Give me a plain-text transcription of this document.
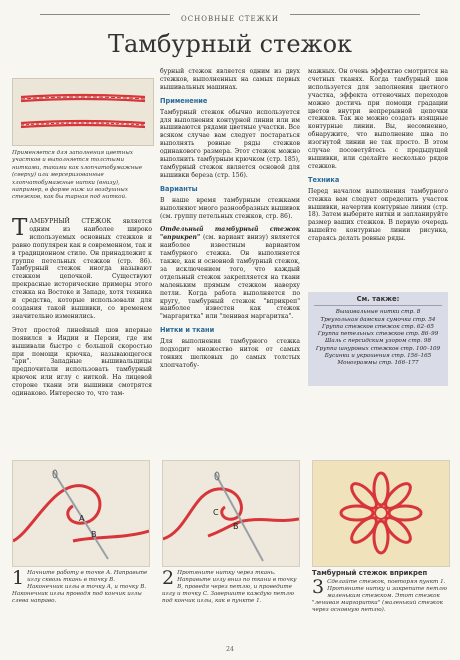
ОСНОВНЫЕ СТЕЖКИ
Тамбурный стежок
Применяется для заполнения цветных участков и выполняется толстыми нитками, такими как хлопчатобумажные (сверху) или мерсеризованные хлопчатобумажные нитки (внизу), например, в форме ниж из воздушных стежков, как бы тарная под ниткой.

ТАМБУРНЫЙ СТЕЖОК является одним из наиболее широко используемых основных стежков и равно популярен как в современном, так и в традиционном стиле. Он принадлежит к группе петельных стежков (стр. 86). Тамбурный стежок иногда называют стежком цепочкой. Существуют прекрасные исторические примеры этого стежка на Востоке и Западе, хотя техника и средства, которые использовали для создания такой вышивки, со временем значительно изменились.

Этот простой линейный шов впервые появился в Индии и Персии, где им вышивали быстро с большой скоростью при помощи крючка, называющегося "ари". Западные вышивальщицы предпочитали использовать тамбурный крючок или иглу с ниткой. На лицевой стороне ткани эти вышивки смотрятся одинаково. Интересно то, что там-

бурный стежок является одним из двух стежков, выполненных на самых первых вышивальных машинах.

Применение

Тамбурный стежок обычно используется для выполнения контурной линии или им вышиваются рядами цветные участки. Все всяком случае вам следует постараться выполнять ровные ряды стежков одинакового размера. Этот стежок можно выполнить тамбурным крючком (стр. 185), тамбурный стежок является основой для вышивки береза (стр. 156).

Варианты

В наше время тамбурным стежками выполняют много разнообразных вышивок (см. группу петельных стежков, стр. 86).

Отдельный тамбурный стежок "вприкреп" (см. вариант внизу) является наиболее известным вариантом тамбурного стежка. Он выполняется также, как и основной тамбурный стежок, за исключением того, что каждый отдельный стежок закрепляется на ткани маленьким прямым стежком наверху петли. Когда работа выполняется по кругу, тамбурный стежок "вприкреп" наиболее известен как стежок "маргаритка" или "ленивая маргаритка".

Нитки и ткани

Для выполнения тамбурного стежка подходит множество ниток от самых тонких шелковых до самых толстых хлопчатобу-

мажных. Он очень эффектно смотрится на счетных тканях. Когда тамбурный шов используется для заполнения цветного участка, эффекта оттеночных переходов можно достичь при помощи градации цветов внутри непрерывной цепочки стежков. Так же можно создать изящные контурные линии. Вы, несомненно, обнаружите, что выполнение шва по изогнутой линии не так просто. В этом случае посоветуйтесь с предыдущей вышивки, или сделайте несколько рядов стежков.

Техника

Перед началом выполнения тамбурного стежка вам следует определить участок вышивки, начертив контурные линии (стр. 18). Затем выберите нитки и запланируйте размер ваших стежков. В первую очередь вышейте контурные линии рисунка, стараясь делать ровные ряды.

См. также:
Вышивальные нитки стр. 8
Треугольная дамская сумочка стр. 54
Группа стежков стежок стр. 62–65
Группа петельных стежков стр. 86–99
Шаль с персидским узором стр. 98
Группа шнуровых стежков стр. 100–109
Бусинки и украшения стр. 156–165
Монограммы стр. 166–177
A
B
C
B
1 Начните работу в точке A. Направьте иглу сквозь ткань в точку B. Наконечник иглы в точку A, и точку B. Наконечник иглы проводя под кончик иглы слева направо.
2 Протяните нитку через ткань. Направьте иглу вниз по ткани в точку B, проведя через петлю, и проведите иглу и точку C. Завершите каждую петлю под кончик иглы, как в пункте 1.
Тамбурный стежок вприкреп
3 Сделайте стежок, повторяя пункт 1. Протяните нитку и закрепите петлю маленьким стежком. Этот стежок "ленивая маргаритка" (маленький стежок через основную петлю).
24
